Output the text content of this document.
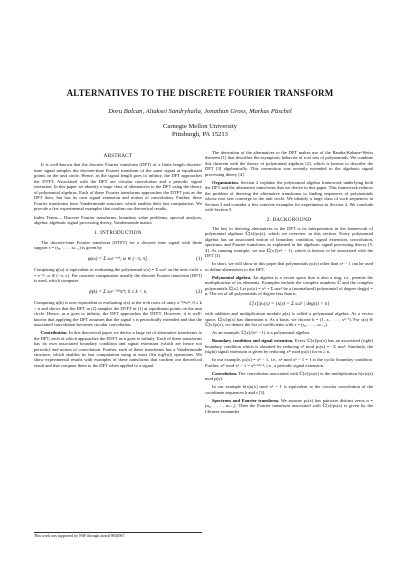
ALTERNATIVES TO THE DISCRETE FOURIER TRANSFORM
Doru Balcan, Aliaksei Sandryhaila, Jonathan Gross, Markus Püschel
Carnegie Mellon University
Pittsburgh, PA 15213
ABSTRACT

It is well-known that the discrete Fourier transform (DFT) of a finite length discrete-time signal samples the discrete-time Fourier transform of the same signal at equidistant points on the unit circle. Hence, as the signal length goes to infinity, the DFT approaches the DTFT. Associated with the DFT are circular convolution and a periodic signal extension. In this paper we identify a large class of alternatives to the DFT using the theory of polynomial algebras. Each of these Fourier transforms approaches the DTFT just as the DFT does, but has its own signal extension and notion of convolution. Further, these Fourier transforms have Vandermonde structure, which enables their fast computation. We provide a few experimental examples that confirm our theoretical results.

Index Terms— Discrete Fourier transforms, boundary value problems, spectral analysis, algebra, algebraic signal processing theory, Vandermonde matrix

1. INTRODUCTION

The discrete-time Fourier transform (DTFT) for a discrete time signal with finite support s = (s₀, . . . , sₙ₋₁) is given by

φ(ω) =
Σ sₖe⁻ʲʷᵏ, ω ∈ (−π, π].	(1)

Computing φ(ω) is equivalent to evaluating the polynomial s(x) = Σ sₖxᵏ on the unit circle x = e⁻ʲʷ, ω ∈ (−π, π]. For concrete computation usually the discrete Fourier transform (DFT) is used, which computes

ψ(k) =
Σ sₗe⁻²ʲᵏˡπ/ⁿ, 0 ≤ k < n.	(2)

Computing ψ(k) is now equivalent to evaluating s(x) at the n-th roots of unity x⁻²ʲᵏπ/ⁿ, 0 ≤ k < n and shows that the DFT in (2) samples the DTFT in (1) at equidistant points on the unit circle. Hence, as n goes to infinity, the DFT approaches the DTFT. However, it is well-known that applying the DFT assumes that the signal s is periodically extended and that the associated convolution becomes circular convolution.

Contribution. In this theoretical paper we derive a large set of alternative transforms to the DFT, each of which approaches the DTFT as n goes to infinity. Each of these transforms has its own associated boundary condition and signal extension (which are hence not periodic) and notion of convolution. Further, each of these transforms has a Vandermonde structure, which enables its fast computation using at most O(n log²(n)) operations. We show experimental results with examples of these transforms that confirm our theoretical result and that compute them to the DFT when applied to a signal.

This work was supported by NSF through award 0634967.

The derivation of the alternatives to the DFT makes use of the Baraba-Kahane-Weiss theorem [1] that describes the asymptotic behavior of root sets of polynomials. We combine this theorem with the theory of polynomial algebras [2], which is known to describe the DFT [3] algebraically. This connection was recently extended to the algebraic signal processing theory [4].

Organization. Section 2 explains the polynomial algebra framework underlying both the DFT and the alternative transforms that we derive in this paper. This framework reduces the problem of deriving the alternative transforms to finding sequences of polynomials whose root sets converge to the unit circle. We identify a large class of such sequences in Section 3 and consider a few concrete examples for experiments in Section 4. We conclude with Section 5.

2. BACKGROUND

The key to deriving alternatives to the DFT is its interpretation in the framework of polynomial algebras ℂ[x]/pₙ(x), which we overview in this section. Every polynomial algebra has an associated notion of boundary condition, signal extension, convolution, spectrum, and Fourier transform, as explained in the algebraic signal processing theory [5, 4]. As running example, we use ℂ[x]/(xⁿ − 1), which is known to be associated with the DFT [3].

In short, we will show in this paper that polynomials pₙ(x) other than xⁿ − 1 can be used to define alternatives to the DFT.

Polynomial algebra. An algebra is a vector space that is also a ring, i.e., permits the multiplication of its elements. Examples include the complex numbers ℂ and the complex polynomials ℂ[x]. Let pₙ(x) = xⁿ + Σ αₖxᵏ be a (normalized) polynomial of degree deg(p) = n. The set of all polynomials of degree less than n,

ℂ[x]/pₙ(x) = {s(x) = Σ sₖxᵏ | deg(s) < n}

with addition and multiplication modulo p(x) is called a polynomial algebra. As a vector space, ℂ[x]/p(x) has dimension n. As a basis, we choose b = (1, x, . . . , xⁿ⁻¹). For s(x) ∈ ℂ[x]/p(x), we denote the list of coefficients with s = (s₀, . . . , sₙ₋₁).

As an example, ℂ[x]/(xⁿ − 1) is a polynomial algebra.

Boundary condition and signal extension. Every ℂ[x]/pₙ(x) has an associated (right) boundary condition which is obtained by reducing xⁿ mod pₙ(x) = −Σ αₖxᵏ. Similarly, the (right) signal extension is given by reducing xᵐ mod pₙ(x) for m ≥ n.

In our example, pₙ(x) = xⁿ − 1, i.e., xⁿ mod xⁿ − 1 = 1 is the cyclic boundary condition. Further, xᵐ mod xⁿ − 1 = xᵐ ᵐᵒᵈ ⁿ, i.e., a periodic signal extension.

Convolution. The convolution associated with ℂ[x]/pₙ(x) is the multiplication h(x)s(x) mod p(x).

In our example h(x)s(x) mod xⁿ − 1 is equivalent to the circular convolution of the coordinate sequences h and s [3].

Spectrum and Fourier transform. We assume pₙ(x) has pairwise distinct zeros α = (α₀, . . . , αₙ₋₁). Then the Fourier transform associated with ℂ[x]/pₙ(x) is given by the Chinese remainder
